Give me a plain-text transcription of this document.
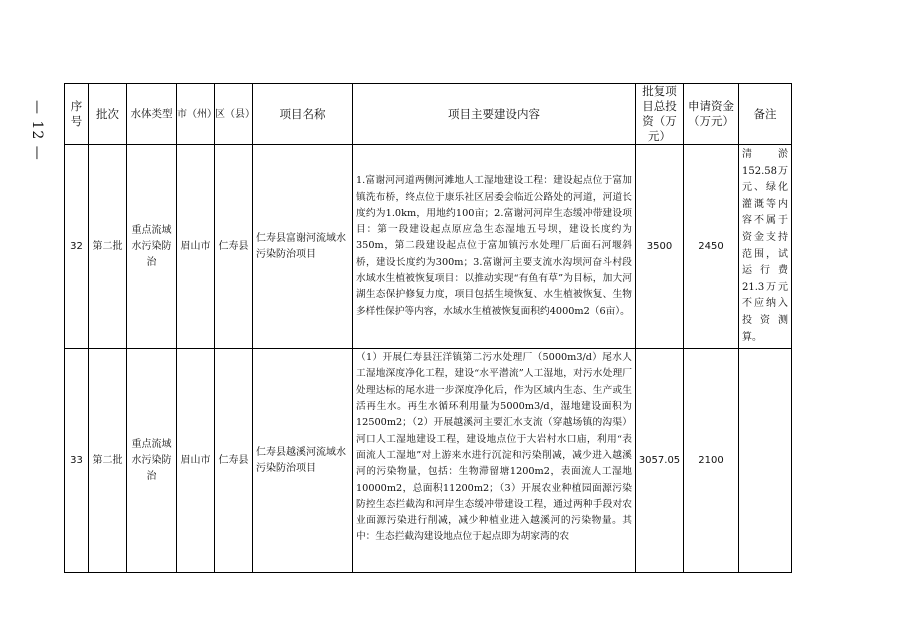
— 12 — 序号	批次	水体类型	市（州）	区（县）	项目名称	项目主要建设内容	批复项目总投资（万元）	申请资金（万元）	备注
32	第二批	重点流域水污染防治	眉山市	仁寿县	仁寿县富谢河流域水污染防治项目	1.富谢河河道两侧河滩地人工湿地建设工程：建设起点位于富加镇洗布桥，终点位于康乐社区居委会临近公路处的河道，河道长度约为1.0km，用地约100亩；2.富谢河河岸生态缓冲带建设项目：第一段建设起点原应急生态湿地五号坝，建设长度约为350m，第二段建设起点位于富加镇污水处理厂后面石河堰斜桥，建设长度约为300m；3.富谢河主要支流水沟坝河奋斗村段水域水生植被恢复项目：以推动实现“有鱼有草”为目标，加大河湖生态保护修复力度，项目包括生境恢复、水生植被恢复、生物多样性保护等内容，水域水生植被恢复面积约4000m2（6亩）。	3500	2450	清淤152.58万元、绿化灌溉等内容不属于资金支持范围，试运行费21.3万元不应纳入投资测算。
33	第二批	重点流域水污染防治	眉山市	仁寿县	仁寿县越溪河流域水污染防治项目	（1）开展仁寿县汪洋镇第二污水处理厂（5000m3/d）尾水人工湿地深度净化工程，建设“水平潜流”人工湿地，对污水处理厂处理达标的尾水进一步深度净化后，作为区域内生态、生产或生活再生水。再生水循环利用量为5000m3/d，湿地建设面积为12500m2；（2）开展越溪河主要汇水支流（穿越场镇的沟渠）河口人工湿地建设工程，建设地点位于大岩村水口庙，利用“表面流人工湿地”对上游来水进行沉淀和污染削减，减少进入越溪河的污染物量，包括：生物滞留塘1200m2，表面流人工湿地10000m2，总面积11200m2；（3）开展农业种植园面源污染防控生态拦截沟和河岸生态缓冲带建设工程，通过两种手段对农业面源污染进行削减，减少种植业进入越溪河的污染物量。其中：生态拦截沟建设地点位于起点即为胡家湾的农	3057.05	2100	
